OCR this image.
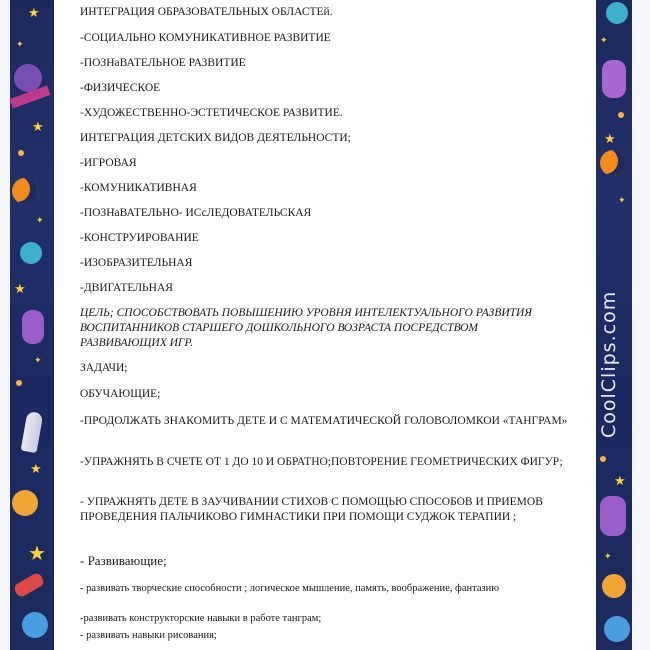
★
✦
★
✦
★
✦
★
★
✦
★
✦
★
✦
CoolClips.com
ИНТЕГРАЦИЯ ОБРАЗОВАТЕЛЬНЫХ ОБЛАСТЕй.
-СОЦИАЛЬНО КОМУНИКАТИВНОЕ РАЗВИТИЕ
-ПОЗНаВАТЕЛЬНОЕ РАЗВИТИЕ
-ФИЗИЧЕСКОЕ
-ХУДОЖЕСТВЕННО-ЭСТЕТИЧЕСКОЕ РАЗВИТИЕ.
ИНТЕГРАЦИЯ ДЕТСКИХ ВИДОВ ДЕЯТЕЛЬНОСТИ;
-ИГРОВАЯ
-КОМУНИКАТИВНАЯ
-ПОЗНаВАТЕЛЬНО- ИСсЛЕДОВАТЕЛЬСКАЯ
-КОНСТРУИРОВАНИЕ
-ИЗОБРАЗИТЕЛЬНАЯ
-ДВИГАТЕЛЬНАЯ
ЦЕЛЬ; СПОСОБСТВОВАТЬ ПОВЫШЕНИЮ УРОВНЯ ИНТЕЛЕКТУАЛЬНОГО РАЗВИТИЯ ВОСПИТАННИКОВ СТАРШЕГО ДОШКОЛЬНОГО ВОЗРАСТА ПОСРЕДСТВОМ РАЗВИВАЮЩИХ ИГР.
ЗАДАЧИ;
ОБУЧАЮЩИЕ;
-ПРОДОЛЖАТЬ ЗНАКОМИТЬ ДЕТЕ И С МАТЕМАТИЧЕСКОЙ ГОЛОВОЛОМКОИ «ТАНГРАМ»
-УПРАЖНЯТЬ В СЧЕТЕ ОТ 1 ДО 10 И ОБРАТНО;ПОВТОРЕНИЕ ГЕОМЕТРИЧЕСКИХ ФИГУР;
- УПРАЖНЯТЬ ДЕТЕ В ЗАУЧИВАНИИ СТИХОВ С ПОМОЩЬЮ СПОСОБОВ И ПРИЕМОВ ПРОВЕДЕНИЯ ПАЛЬЧИКОВО ГИМНАСТИКИ ПРИ ПОМОЩИ СУДЖОК ТЕРАПИИ ;
- Развивающие;
- развивать творческие способности ; логическое мышление, память, воображение, фантазию
-развивать конструкторские навыки в работе танграм;
- развивать навыки рисования;
